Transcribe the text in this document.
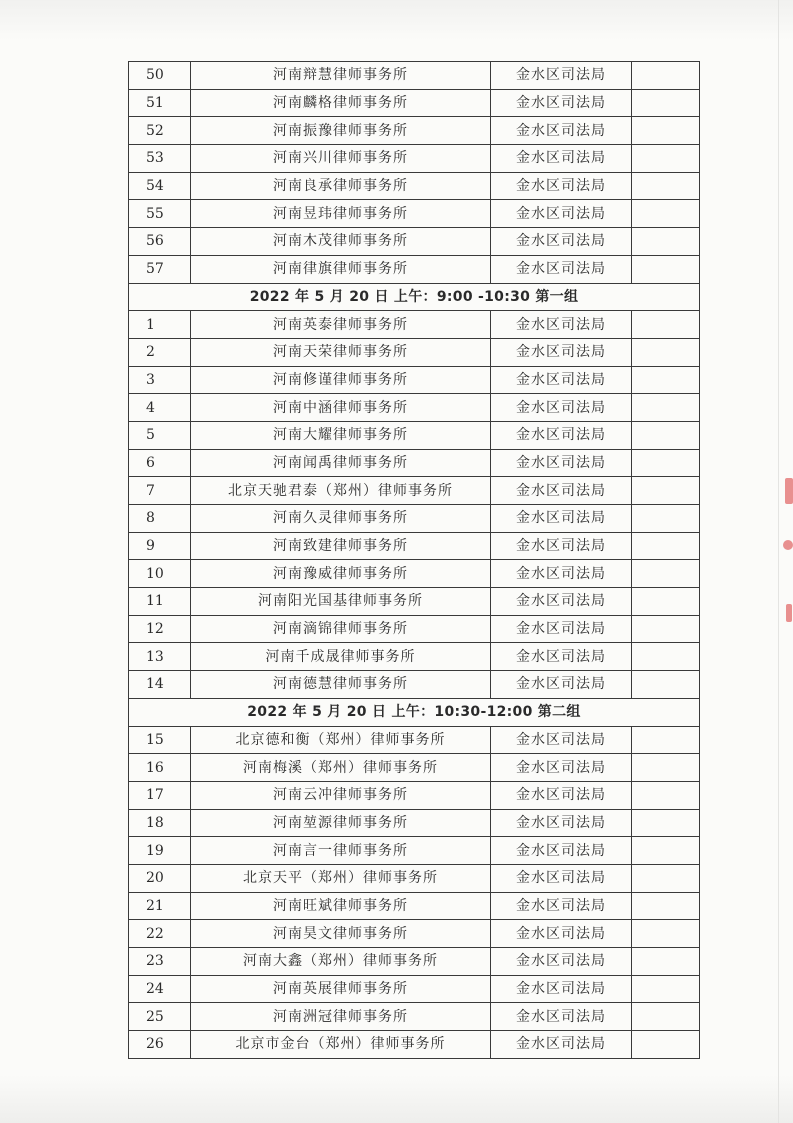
50	河南辩慧律师事务所	金水区司法局	
51	河南麟格律师事务所	金水区司法局	
52	河南振豫律师事务所	金水区司法局	
53	河南兴川律师事务所	金水区司法局	
54	河南良承律师事务所	金水区司法局	
55	河南昱玮律师事务所	金水区司法局	
56	河南木茂律师事务所	金水区司法局	
57	河南律旗律师事务所	金水区司法局	
2022 年 5 月 20 日 上午：9:00 -10:30 第一组			
1	河南英泰律师事务所	金水区司法局	
2	河南天荣律师事务所	金水区司法局	
3	河南修谨律师事务所	金水区司法局	
4	河南中涵律师事务所	金水区司法局	
5	河南大耀律师事务所	金水区司法局	
6	河南闻禹律师事务所	金水区司法局	
7	北京天驰君泰（郑州）律师事务所	金水区司法局	
8	河南久灵律师事务所	金水区司法局	
9	河南致建律师事务所	金水区司法局	
10	河南豫威律师事务所	金水区司法局	
11	河南阳光国基律师事务所	金水区司法局	
12	河南滴锦律师事务所	金水区司法局	
13	河南千成晟律师事务所	金水区司法局	
14	河南德慧律师事务所	金水区司法局	
2022 年 5 月 20 日 上午：10:30-12:00 第二组			
15	北京德和衡（郑州）律师事务所	金水区司法局	
16	河南梅溪（郑州）律师事务所	金水区司法局	
17	河南云冲律师事务所	金水区司法局	
18	河南堃源律师事务所	金水区司法局	
19	河南言一律师事务所	金水区司法局	
20	北京天平（郑州）律师事务所	金水区司法局	
21	河南旺斌律师事务所	金水区司法局	
22	河南昊文律师事务所	金水区司法局	
23	河南大鑫（郑州）律师事务所	金水区司法局	
24	河南英展律师事务所	金水区司法局	
25	河南洲冠律师事务所	金水区司法局	
26	北京市金台（郑州）律师事务所	金水区司法局	
